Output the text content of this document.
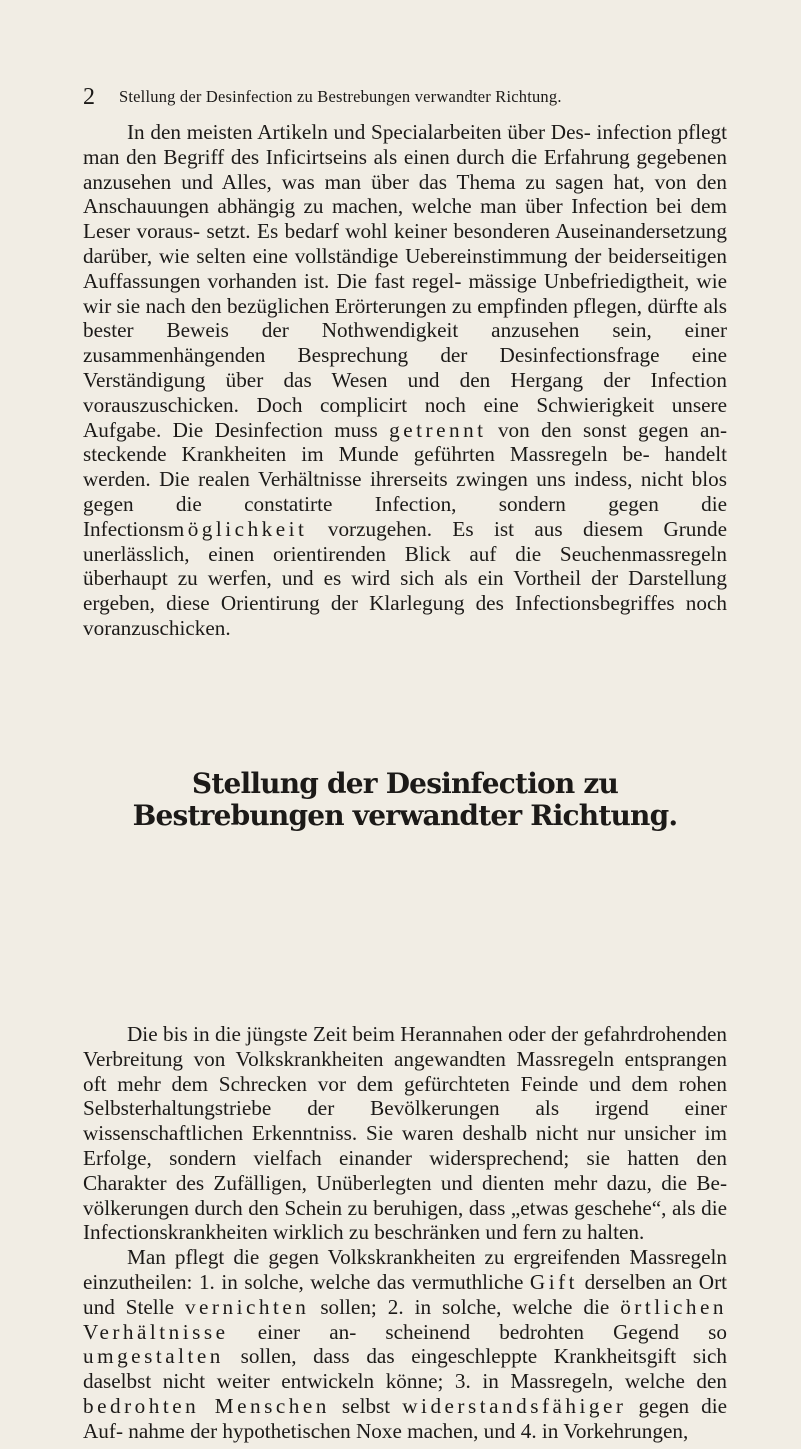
2 Stellung der Desinfection zu Bestrebungen verwandter Richtung.

In den meisten Artikeln und Specialarbeiten über Des- infection pflegt man den Begriff des Inficirtseins als einen durch die Erfahrung gegebenen anzusehen und Alles, was man über das Thema zu sagen hat, von den Anschauungen abhängig zu machen, welche man über Infection bei dem Leser voraus- setzt. Es bedarf wohl keiner besonderen Auseinandersetzung darüber, wie selten eine vollständige Uebereinstimmung der beiderseitigen Auffassungen vorhanden ist. Die fast regel- mässige Unbefriedigtheit, wie wir sie nach den bezüglichen Erörterungen zu empfinden pflegen, dürfte als bester Beweis der Nothwendigkeit anzusehen sein, einer zusammenhängenden Besprechung der Desinfectionsfrage eine Verständigung über das Wesen und den Hergang der Infection vorauszuschicken. Doch complicirt noch eine Schwierigkeit unsere Aufgabe. Die Desinfection muss getrennt von den sonst gegen an- steckende Krankheiten im Munde geführten Massregeln be- handelt werden. Die realen Verhältnisse ihrerseits zwingen uns indess, nicht blos gegen die constatirte Infection, sondern gegen die Infectionsmöglichkeit vorzugehen. Es ist aus diesem Grunde unerlässlich, einen orientirenden Blick auf die Seuchenmassregeln überhaupt zu werfen, und es wird sich als ein Vortheil der Darstellung ergeben, diese Orientirung der Klarlegung des Infectionsbegriffes noch voranzuschicken.

Stellung der Desinfection zu Bestrebungen verwandter Richtung.

Die bis in die jüngste Zeit beim Herannahen oder der gefahrdrohenden Verbreitung von Volkskrankheiten angewandten Massregeln entsprangen oft mehr dem Schrecken vor dem gefürchteten Feinde und dem rohen Selbsterhaltungstriebe der Bevölkerungen als irgend einer wissenschaftlichen Erkenntniss. Sie waren deshalb nicht nur unsicher im Erfolge, sondern vielfach einander widersprechend; sie hatten den Charakter des Zufälligen, Unüberlegten und dienten mehr dazu, die Be- völkerungen durch den Schein zu beruhigen, dass „etwas geschehe“, als die Infectionskrankheiten wirklich zu beschränken und fern zu halten.

Man pflegt die gegen Volkskrankheiten zu ergreifenden Massregeln einzutheilen: 1. in solche, welche das vermuthliche Gift derselben an Ort und Stelle vernichten sollen; 2. in solche, welche die örtlichen Verhältnisse einer an- scheinend bedrohten Gegend so umgestalten sollen, dass das eingeschleppte Krankheitsgift sich daselbst nicht weiter entwickeln könne; 3. in Massregeln, welche den bedrohten Menschen selbst widerstandsfähiger gegen die Auf- nahme der hypothetischen Noxe machen, und 4. in Vorkehrungen,
